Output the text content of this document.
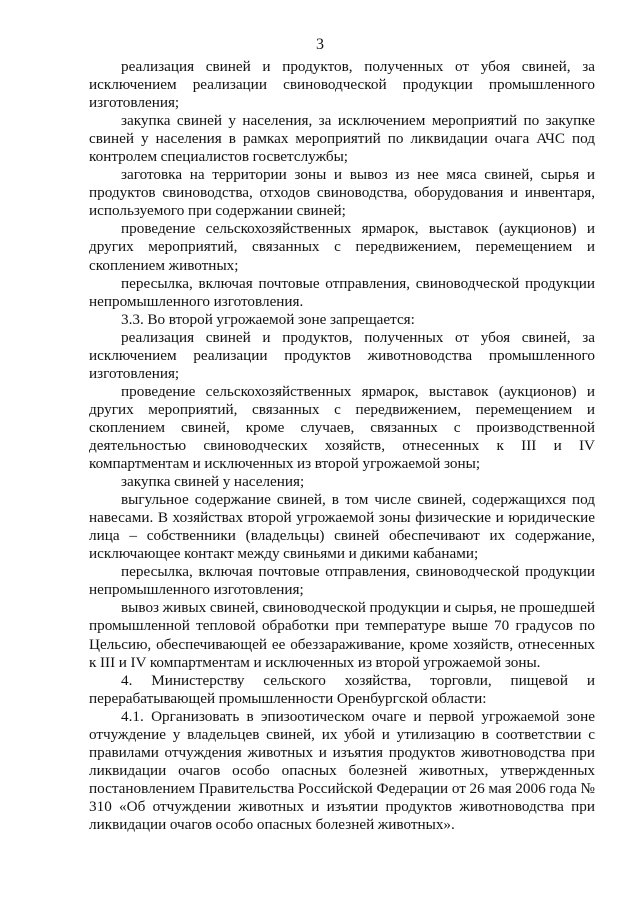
3

реализация свиней и продуктов, полученных от убоя свиней, за исключением реализации свиноводческой продукции промышленного изготовления;

закупка свиней у населения, за исключением мероприятий по закупке свиней у населения в рамках мероприятий по ликвидации очага АЧС под контролем специалистов госветслужбы;

заготовка на территории зоны и вывоз из нее мяса свиней, сырья и продуктов свиноводства, отходов свиноводства, оборудования и инвентаря, используемого при содержании свиней;

проведение сельскохозяйственных ярмарок, выставок (аукционов) и других мероприятий, связанных с передвижением, перемещением и скоплением животных;

пересылка, включая почтовые отправления, свиноводческой продукции непромышленного изготовления.

3.3. Во второй угрожаемой зоне запрещается:

реализация свиней и продуктов, полученных от убоя свиней, за исключением реализации продуктов животноводства промышленного изготовления;

проведение сельскохозяйственных ярмарок, выставок (аукционов) и других мероприятий, связанных с передвижением, перемещением и скоплением свиней, кроме случаев, связанных с производственной деятельностью свиноводческих хозяйств, отнесенных к III и IV компартментам и исключенных из второй угрожаемой зоны;

закупка свиней у населения;

выгульное содержание свиней, в том числе свиней, содержащихся под навесами. В хозяйствах второй угрожаемой зоны физические и юридические лица – собственники (владельцы) свиней обеспечивают их содержание, исключающее контакт между свиньями и дикими кабанами;

пересылка, включая почтовые отправления, свиноводческой продукции непромышленного изготовления;

вывоз живых свиней, свиноводческой продукции и сырья, не прошедшей промышленной тепловой обработки при температуре выше 70 градусов по Цельсию, обеспечивающей ее обеззараживание, кроме хозяйств, отнесенных к III и IV компартментам и исключенных из второй угрожаемой зоны.

4. Министерству сельского хозяйства, торговли, пищевой и перерабатывающей промышленности Оренбургской области:

4.1. Организовать в эпизоотическом очаге и первой угрожаемой зоне отчуждение у владельцев свиней, их убой и утилизацию в соответствии с правилами отчуждения животных и изъятия продуктов животноводства при ликвидации очагов особо опасных болезней животных, утвержденных постановлением Правительства Российской Федерации от 26 мая 2006 года № 310 «Об отчуждении животных и изъятии продуктов животноводства при ликвидации очагов особо опасных болезней животных».
